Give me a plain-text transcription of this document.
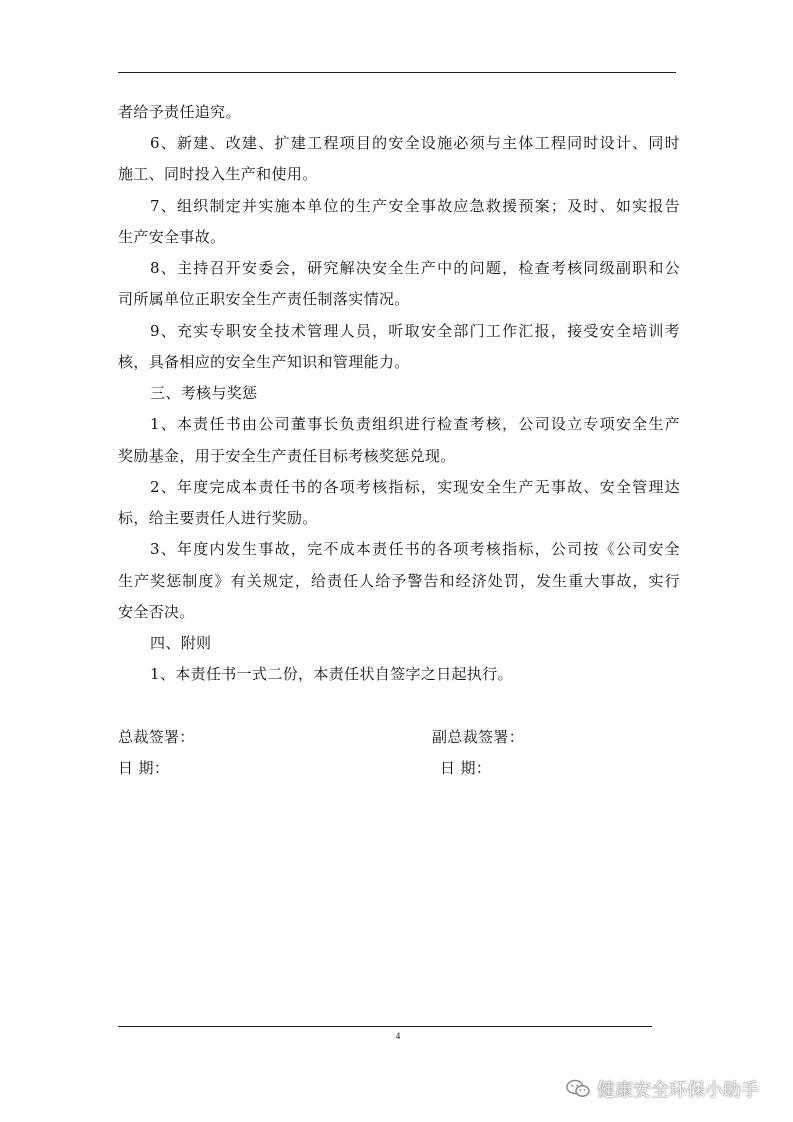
者给予责任追究。
6、新建、改建、扩建工程项目的安全设施必须与主体工程同时设计、同时
施工、同时投入生产和使用。
7、组织制定并实施本单位的生产安全事故应急救援预案；及时、如实报告
生产安全事故。
8、主持召开安委会，研究解决安全生产中的问题，检查考核同级副职和公
司所属单位正职安全生产责任制落实情况。
9、充实专职安全技术管理人员，听取安全部门工作汇报，接受安全培训考
核，具备相应的安全生产知识和管理能力。
三、考核与奖惩
1、本责任书由公司董事长负责组织进行检查考核，公司设立专项安全生产
奖励基金，用于安全生产责任目标考核奖惩兑现。
2、年度完成本责任书的各项考核指标，实现安全生产无事故、安全管理达
标，给主要责任人进行奖励。
3、年度内发生事故，完不成本责任书的各项考核指标，公司按《公司安全
生产奖惩制度》有关规定，给责任人给予警告和经济处罚，发生重大事故，实行
安全否决。
四、附则
1、本责任书一式二份，本责任状自签字之日起执行。
总裁签署：	副总裁签署：
日 期：	日 期：
4
健康安全环保小助手
